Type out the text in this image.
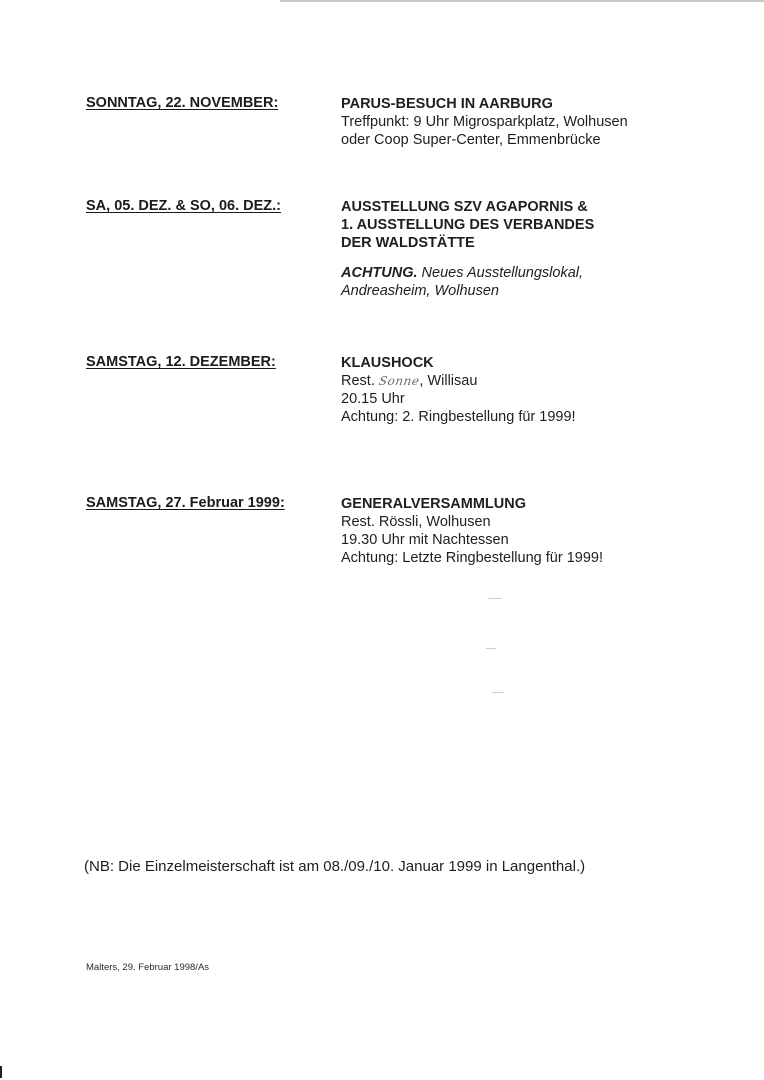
SONNTAG, 22. NOVEMBER:	PARUS-BESUCH IN AARBURG
Treffpunkt: 9 Uhr Migrosparkplatz, Wolhusen
oder Coop Super-Center, Emmenbrücke
SA, 05. DEZ. & SO, 06. DEZ.:	AUSSTELLUNG SZV AGAPORNIS &
1. AUSSTELLUNG DES VERBANDES
DER WALDSTÄTTE
ACHTUNG. Neues Ausstellungslokal,
Andreasheim, Wolhusen
SAMSTAG, 12. DEZEMBER:	KLAUSHOCK
Rest. Sonne, Willisau
20.15 Uhr
Achtung: 2. Ringbestellung für 1999!
SAMSTAG, 27. Februar 1999:	GENERALVERSAMMLUNG
Rest. Rössli, Wolhusen
19.30 Uhr mit Nachtessen
Achtung: Letzte Ringbestellung für 1999!
(NB: Die Einzelmeisterschaft ist am 08./09./10. Januar 1999 in Langenthal.)
Malters, 29. Februar 1998/As
